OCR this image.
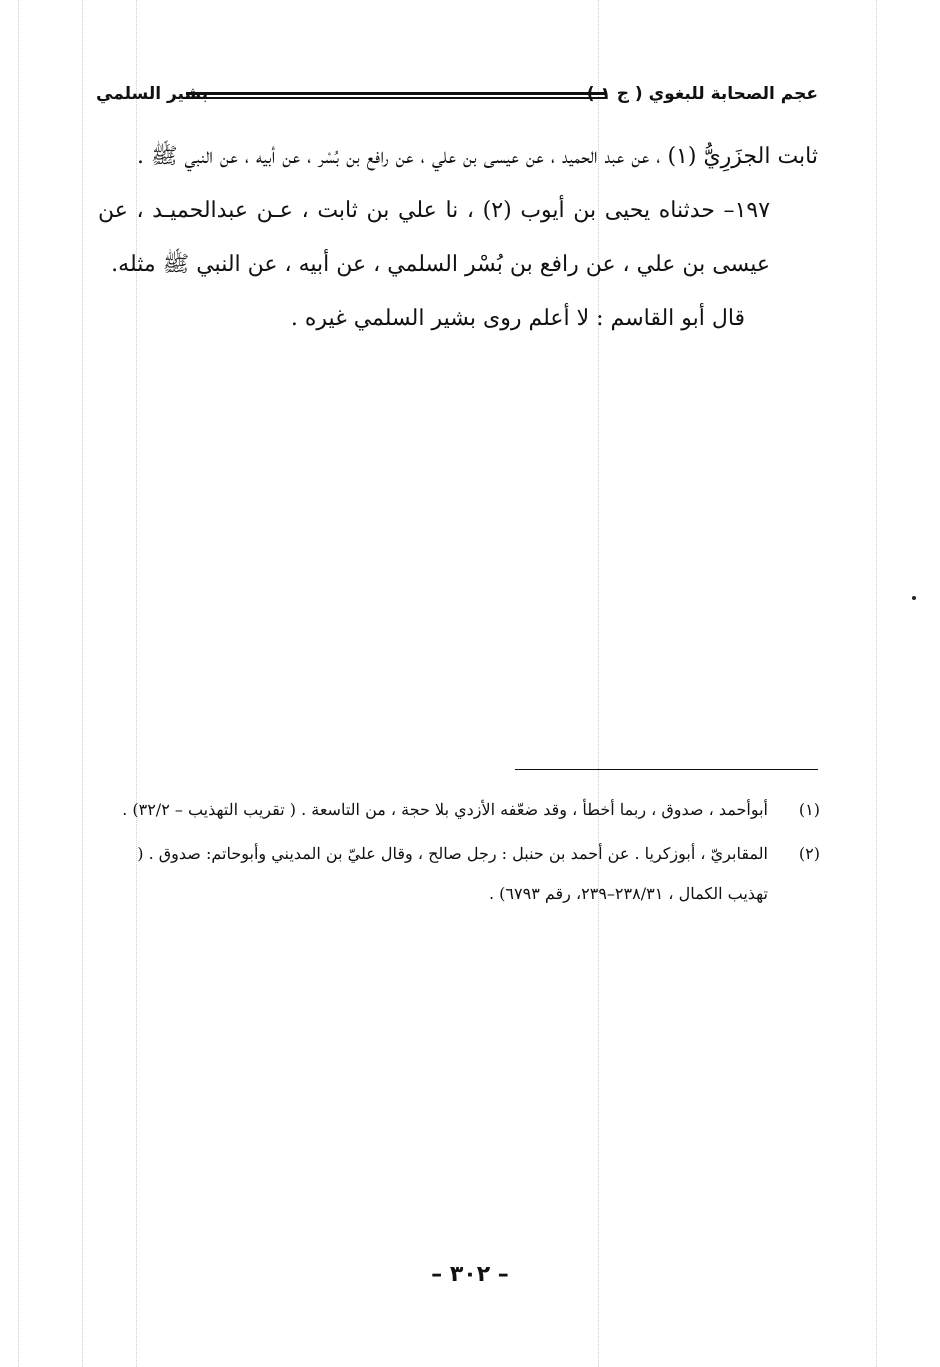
عجم الصحابة للبغوي ( ج ١ )
بشير السلمي

ثابت الجزَرِيُّ (١) ، عن عبد الحميد ، عن عيسى بن علي ، عن رافع بن بُسْر ، عن أبيه ، عن النبي ﷺ .

١٩٧– حدثناه يحيى بن أيوب (٢) ، نا علي بن ثابت ، عـن عبدالحميـد ، عن عيسى بن علي ، عن رافع بن بُسْر السلمي ، عن أبيه ، عن النبي ﷺ مثله.

قال أبو القاسم : لا أعلم روى بشير السلمي غيره .

(١)
أبوأحمد ، صدوق ، ربما أخطأ ، وقد ضعّفه الأزدي بلا حجة ، من التاسعة . ( تقريب التهذيب – ٣٢/٢) .
(٢)
المقابريّ ، أبوزكريا . عن أحمد بن حنبل : رجل صالح ، وقال عليّ بن المديني وأبوحاتم: صدوق . ( تهذيب الكمال ، ٢٣٨/٣١–٢٣٩، رقم ٦٧٩٣) .
– ٣٠٢ –
